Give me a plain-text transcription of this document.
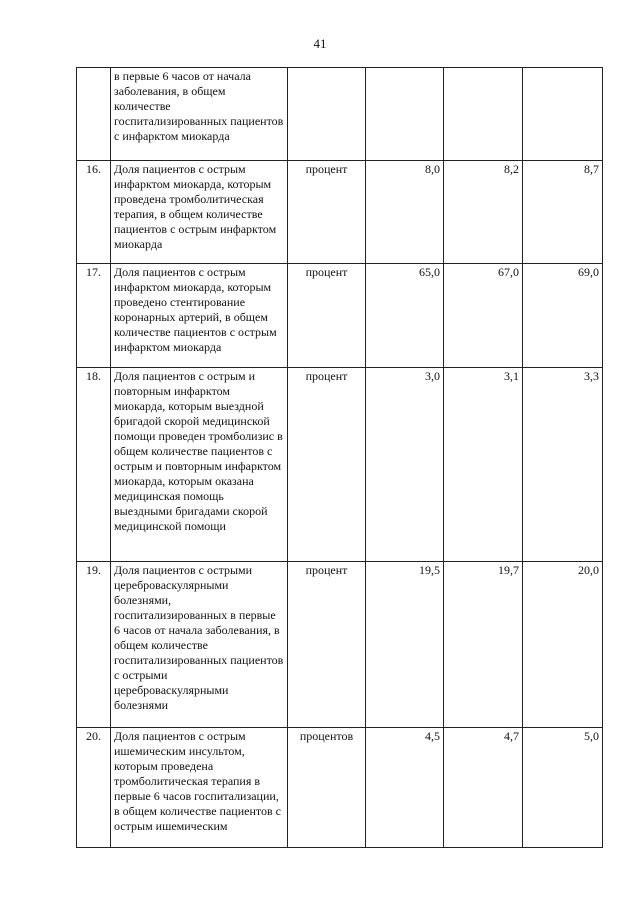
41
	в первые 6 часов от начала заболевания, в общем количестве госпитализированных пациентов с инфарктом миокарда				
16.	Доля пациентов с острым инфарктом миокарда, которым проведена тромболитическая терапия, в общем количестве пациентов с острым инфарктом миокарда	процент	8,0	8,2	8,7
17.	Доля пациентов с острым инфарктом миокарда, которым проведено стентирование коронарных артерий, в общем количестве пациентов с острым инфарктом миокарда	процент	65,0	67,0	69,0
18.	Доля пациентов с острым и повторным инфарктом миокарда, которым выездной бригадой скорой медицинской помощи проведен тромболизис в общем количестве пациентов с острым и повторным инфарктом миокарда, которым оказана медицинская помощь выездными бригадами скорой медицинской помощи	процент	3,0	3,1	3,3
19.	Доля пациентов с острыми цереброваскулярными болезнями, госпитализированных в первые 6 часов от начала заболевания, в общем количестве госпитализированных пациентов с острыми цереброваскулярными болезнями	процент	19,5	19,7	20,0
20.	Доля пациентов с острым ишемическим инсультом, которым проведена тромболитическая терапия в первые 6 часов госпитализации, в общем количестве пациентов с острым ишемическим	процентов	4,5	4,7	5,0
